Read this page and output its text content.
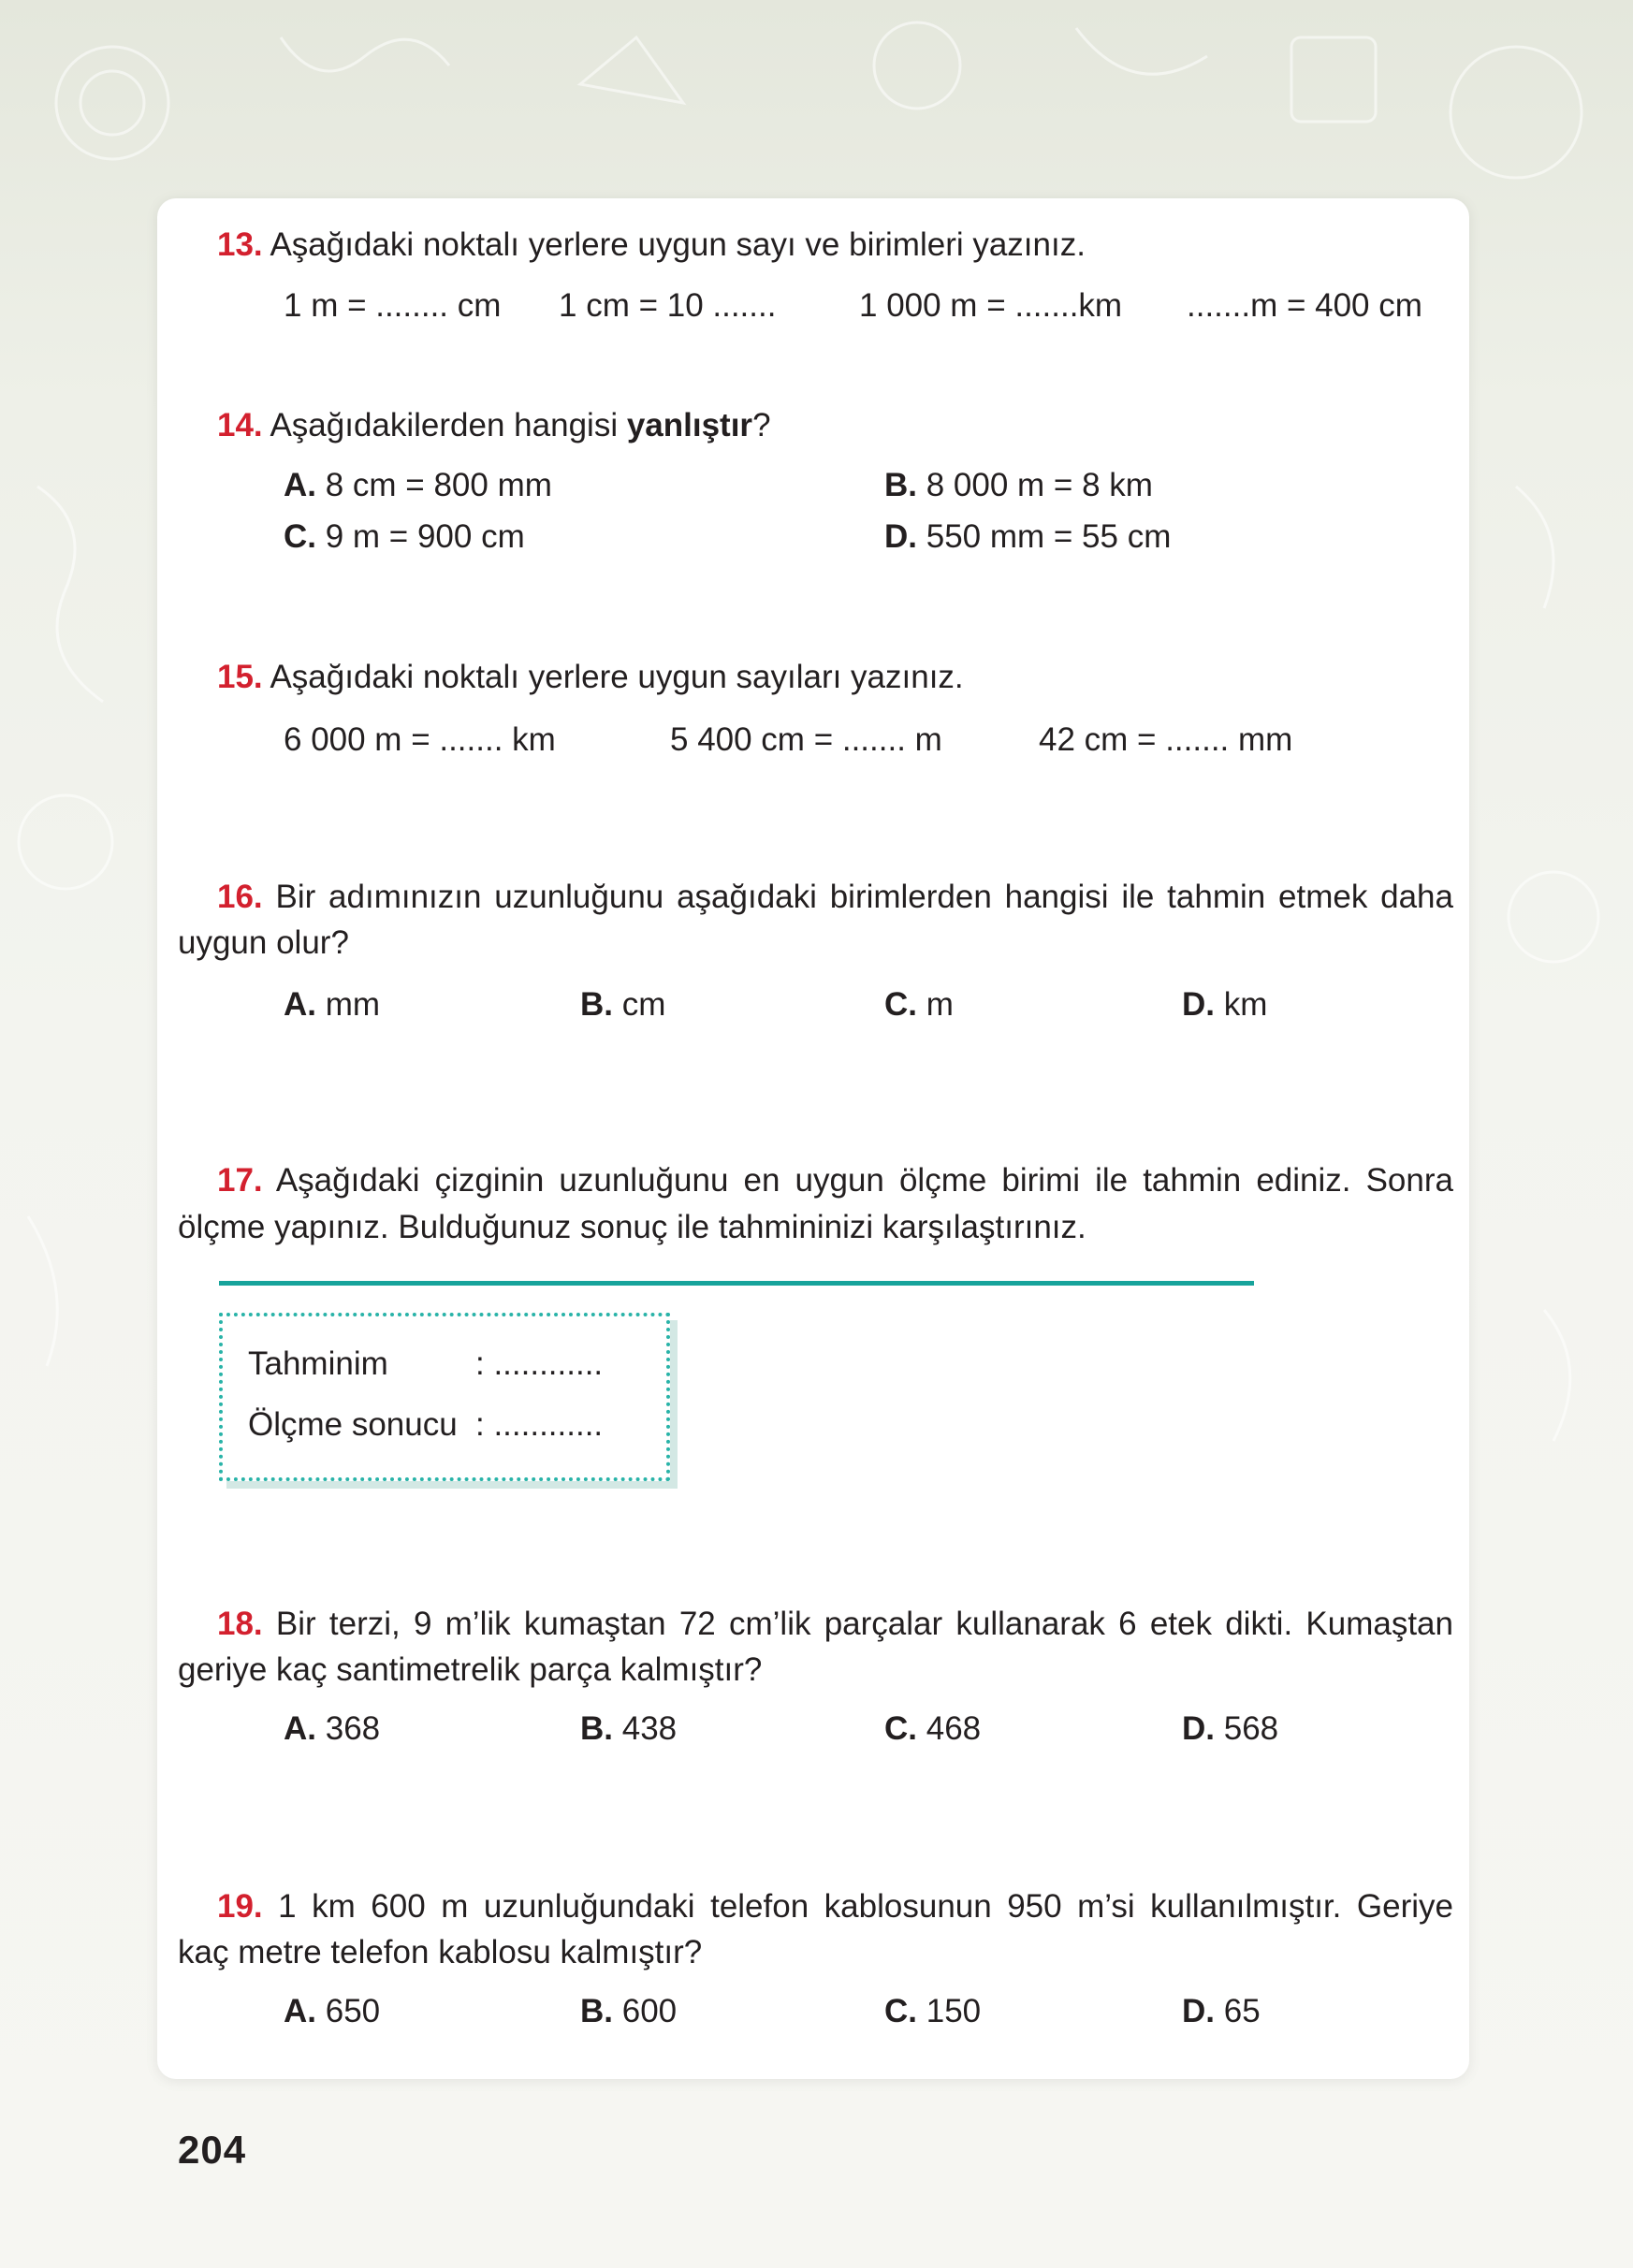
13. Aşağıdaki noktalı yerlere uygun sayı ve birimleri yazınız.
1 m = ........ cm 1 cm = 10 .......	1 000 m = .......km .......m = 400 cm
14. Aşağıdakilerden hangisi yanlıştır?
A. 8 cm = 800 mm	B. 8 000 m = 8 km
C. 9 m = 900 cm	D. 550 mm = 55 cm
15. Aşağıdaki noktalı yerlere uygun sayıları yazınız.
6 000 m = ....... km	5 400 cm = ....... m	42 cm = ....... mm
16. Bir adımınızın uzunluğunu aşağıdaki birimlerden hangisi ile tahmin etmek daha
uygun olur?
A. mm	B. cm	C. m	D. km
17. Aşağıdaki çizginin uzunluğunu en uygun ölçme birimi ile tahmin ediniz. Sonra
ölçme yapınız. Bulduğunuz sonuç ile tahmininizi karşılaştırınız.
Tahminim	: ............
Ölçme sonucu : ............
18. Bir terzi, 9 m’lik kumaştan 72 cm’lik parçalar kullanarak 6 etek dikti. Kumaştan
geriye kaç santimetrelik parça kalmıştır?
A. 368	B. 438	C. 468	D. 568
19. 1 km 600 m uzunluğundaki telefon kablosunun 950 m’si kullanılmıştır. Geriye
kaç metre telefon kablosu kalmıştır?
A. 650	B. 600	C. 150	D. 65
204
